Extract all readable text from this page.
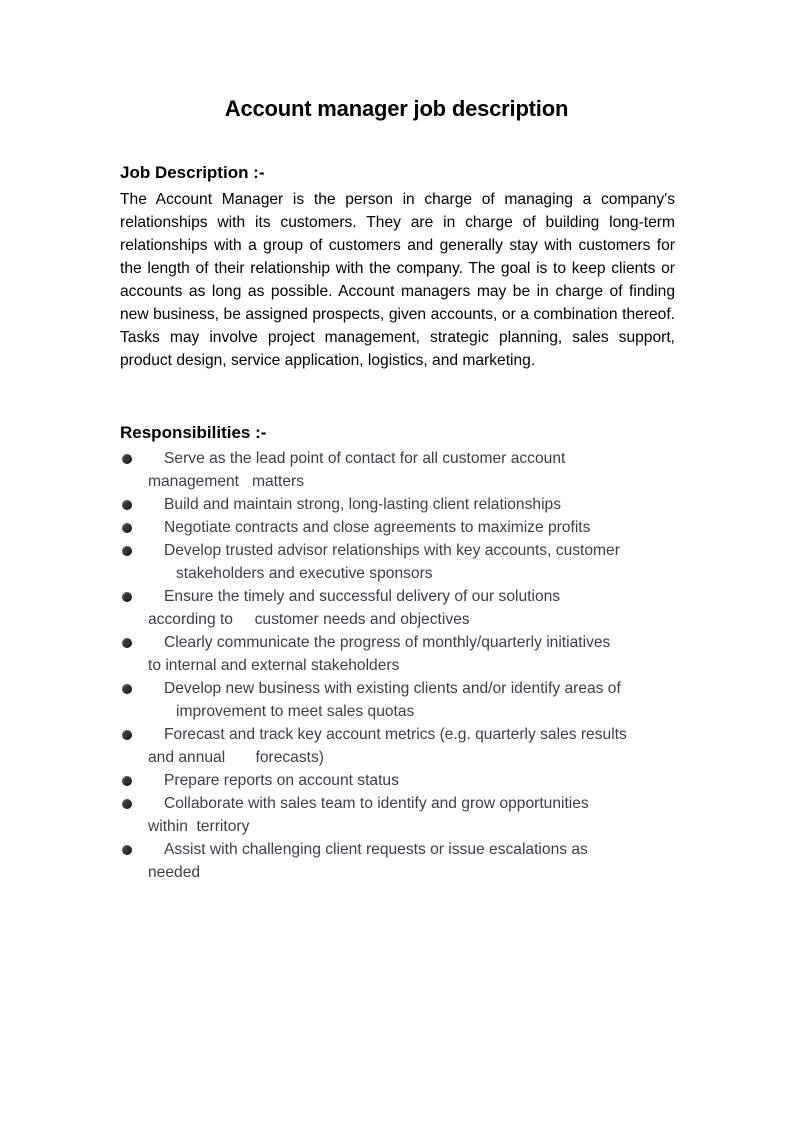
Account manager job description
Job Description :-
The Account Manager is the person in charge of managing a company's relationships with its customers. They are in charge of building long-term relationships with a group of customers and generally stay with customers for the length of their relationship with the company. The goal is to keep clients or accounts as long as possible. Account managers may be in charge of finding new business, be assigned prospects, given accounts, or a combination thereof. Tasks may involve project management, strategic planning, sales support, product design, service application, logistics, and marketing.
Responsibilities :-
Serve as the lead point of contact for all customer account
management   matters
Build and maintain strong, long-lasting client relationships
Negotiate contracts and close agreements to maximize profits
Develop trusted advisor relationships with key accounts, customer
stakeholders and executive sponsors
Ensure the timely and successful delivery of our solutions
according to     customer needs and objectives
Clearly communicate the progress of monthly/quarterly initiatives
to internal and external stakeholders
Develop new business with existing clients and/or identify areas of
improvement to meet sales quotas
Forecast and track key account metrics (e.g. quarterly sales results
and annual       forecasts)
Prepare reports on account status
Collaborate with sales team to identify and grow opportunities
within  territory
Assist with challenging client requests or issue escalations as
needed
